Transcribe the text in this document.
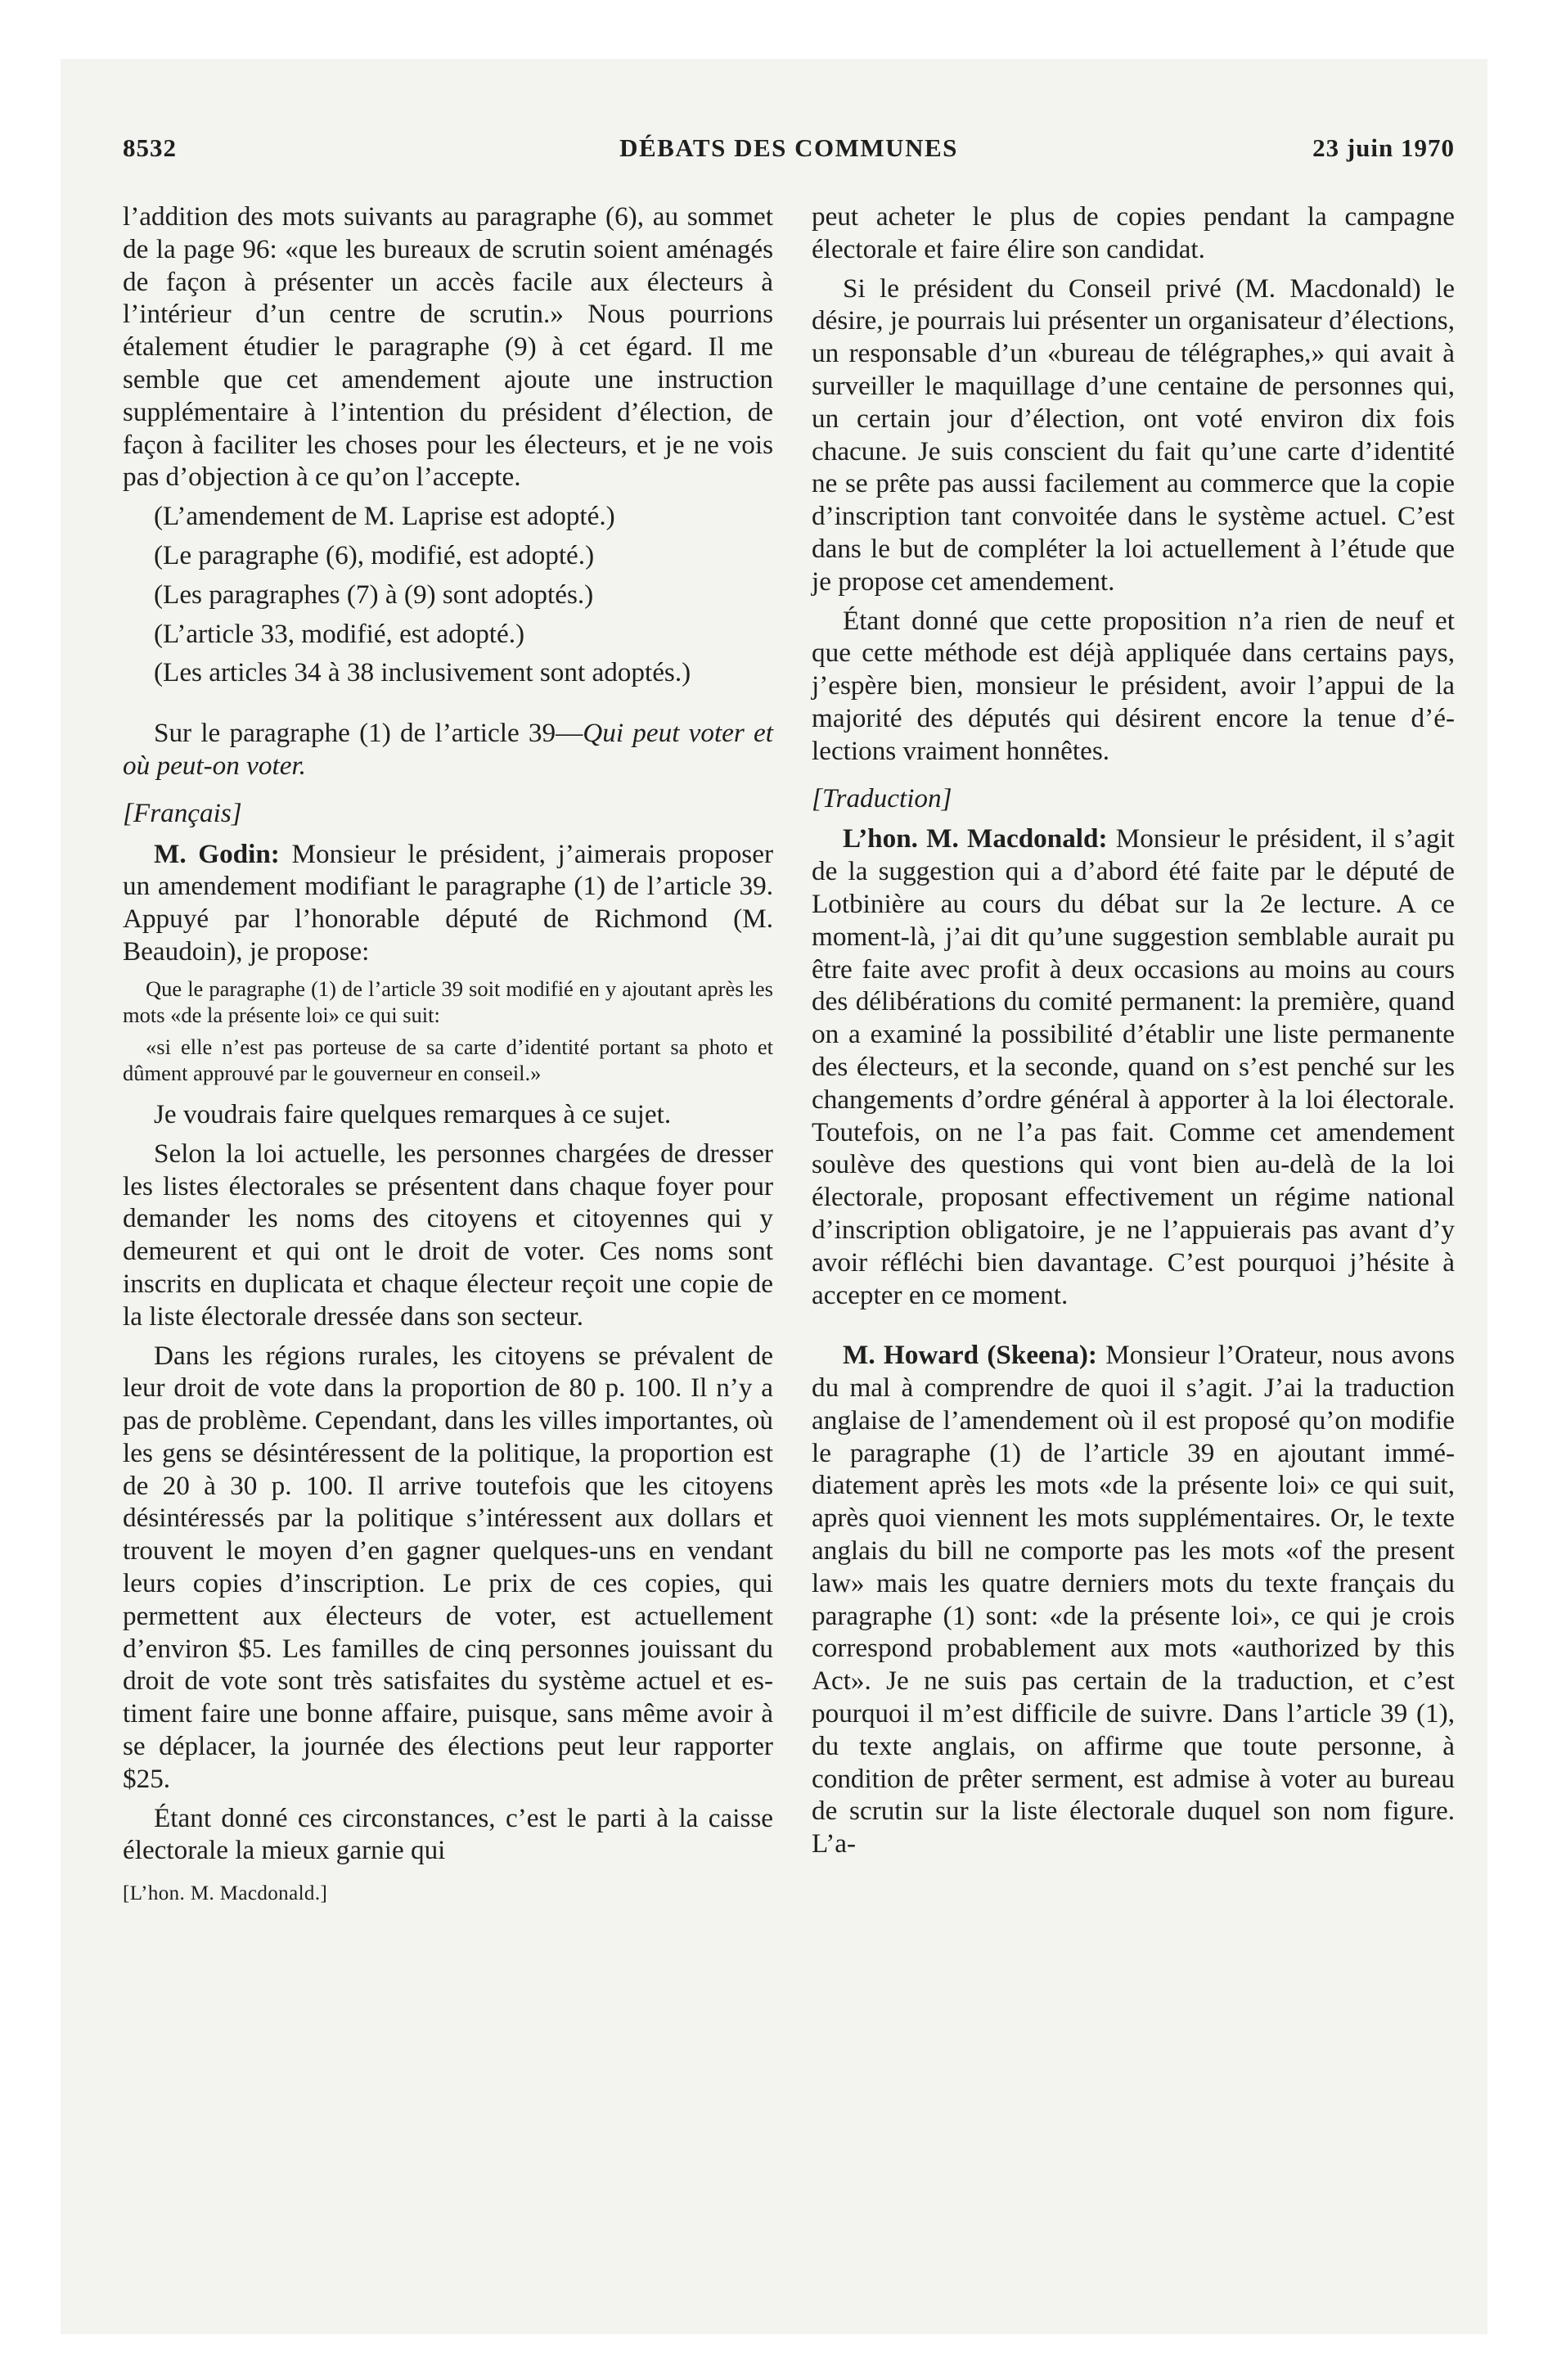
8532	DÉBATS DES COMMUNES	23 juin 1970

l’addition des mots suivants au paragraphe (6), au sommet de la page 96: «que les bureaux de scrutin soient aménagés de façon à présenter un accès facile aux électeurs à l’intérieur d’un centre de scrutin.» Nous pourrions étalement étudier le paragraphe (9) à cet égard. Il me semble que cet amendement ajoute une instruction supplémentaire à l’intention du président d’élection, de façon à faciliter les choses pour les électeurs, et je ne vois pas d’objection à ce qu’on l’accepte.

(L’amendement de M. Laprise est adopté.)

(Le paragraphe (6), modifié, est adopté.)

(Les paragraphes (7) à (9) sont adoptés.)

(L’article 33, modifié, est adopté.)

(Les articles 34 à 38 inclusivement sont adoptés.)

Sur le paragraphe (1) de l’article 39—Qui peut voter et où peut-on voter.

[Français]

M. Godin: Monsieur le président, j’aimerais proposer un amendement modifiant le paragraphe (1) de l’article 39. Appuyé par l’honorable député de Richmond (M. Beaudoin), je propose:

Que le paragraphe (1) de l’article 39 soit modifié en y ajoutant après les mots «de la présente loi» ce qui suit:

«si elle n’est pas porteuse de sa carte d’identité portant sa photo et dûment approuvé par le gouverneur en conseil.»

Je voudrais faire quelques remarques à ce sujet.

Selon la loi actuelle, les personnes chargées de dresser les listes électorales se présentent dans chaque foyer pour demander les noms des citoyens et citoyennes qui y demeurent et qui ont le droit de voter. Ces noms sont inscrits en duplicata et chaque électeur reçoit une copie de la liste électorale dressée dans son secteur.

Dans les régions rurales, les citoyens se prévalent de leur droit de vote dans la proportion de 80 p. 100. Il n’y a pas de problème. Cependant, dans les villes importantes, où les gens se désintéressent de la politique, la proportion est de 20 à 30 p. 100. Il arrive toutefois que les citoyens désintéressés par la politique s’intéressent aux dollars et trouvent le moyen d’en gagner quelques-uns en vendant leurs copies d’inscription. Le prix de ces copies, qui permettent aux électeurs de voter, est actuellement d’environ $5. Les familles de cinq personnes jouissant du droit de vote sont très satisfaites du système actuel et estiment faire une bonne affaire, puisque, sans même avoir à se déplacer, la journée des élections peut leur rapporter $25.

Étant donné ces circonstances, c’est le parti à la caisse électorale la mieux garnie qui

[L’hon. M. Macdonald.]

peut acheter le plus de copies pendant la campagne électorale et faire élire son candidat.

Si le président du Conseil privé (M. Macdonald) le désire, je pourrais lui présenter un organisateur d’élections, un responsable d’un «bureau de télégraphes,» qui avait à surveiller le maquillage d’une centaine de personnes qui, un certain jour d’élection, ont voté environ dix fois chacune. Je suis conscient du fait qu’une carte d’identité ne se prête pas aussi facilement au commerce que la copie d’inscription tant convoitée dans le système actuel. C’est dans le but de compléter la loi actuellement à l’étude que je propose cet amendement.

Étant donné que cette proposition n’a rien de neuf et que cette méthode est déjà appliquée dans certains pays, j’espère bien, monsieur le président, avoir l’appui de la majorité des députés qui désirent encore la tenue d’élections vraiment honnêtes.

[Traduction]

L’hon. M. Macdonald: Monsieur le président, il s’agit de la suggestion qui a d’abord été faite par le député de Lotbinière au cours du débat sur la 2e lecture. A ce moment-là, j’ai dit qu’une suggestion semblable aurait pu être faite avec profit à deux occasions au moins au cours des délibérations du comité permanent: la première, quand on a examiné la possibilité d’établir une liste permanente des électeurs, et la seconde, quand on s’est penché sur les changements d’ordre général à apporter à la loi électorale. Toutefois, on ne l’a pas fait. Comme cet amendement soulève des questions qui vont bien au-delà de la loi électorale, proposant effectivement un régime national d’inscription obligatoire, je ne l’appuierais pas avant d’y avoir réfléchi bien davantage. C’est pourquoi j’hésite à accepter en ce moment.

M. Howard (Skeena): Monsieur l’Orateur, nous avons du mal à comprendre de quoi il s’agit. J’ai la traduction anglaise de l’amendement où il est proposé qu’on modifie le paragraphe (1) de l’article 39 en ajoutant immédiatement après les mots «de la présente loi» ce qui suit, après quoi viennent les mots supplémentaires. Or, le texte anglais du bill ne comporte pas les mots «of the present law» mais les quatre derniers mots du texte français du paragraphe (1) sont: «de la présente loi», ce qui je crois correspond probablement aux mots «authorized by this Act». Je ne suis pas certain de la traduction, et c’est pourquoi il m’est difficile de suivre. Dans l’article 39 (1), du texte anglais, on affirme que toute personne, à condition de prêter serment, est admise à voter au bureau de scrutin sur la liste électorale duquel son nom figure. L’a-
